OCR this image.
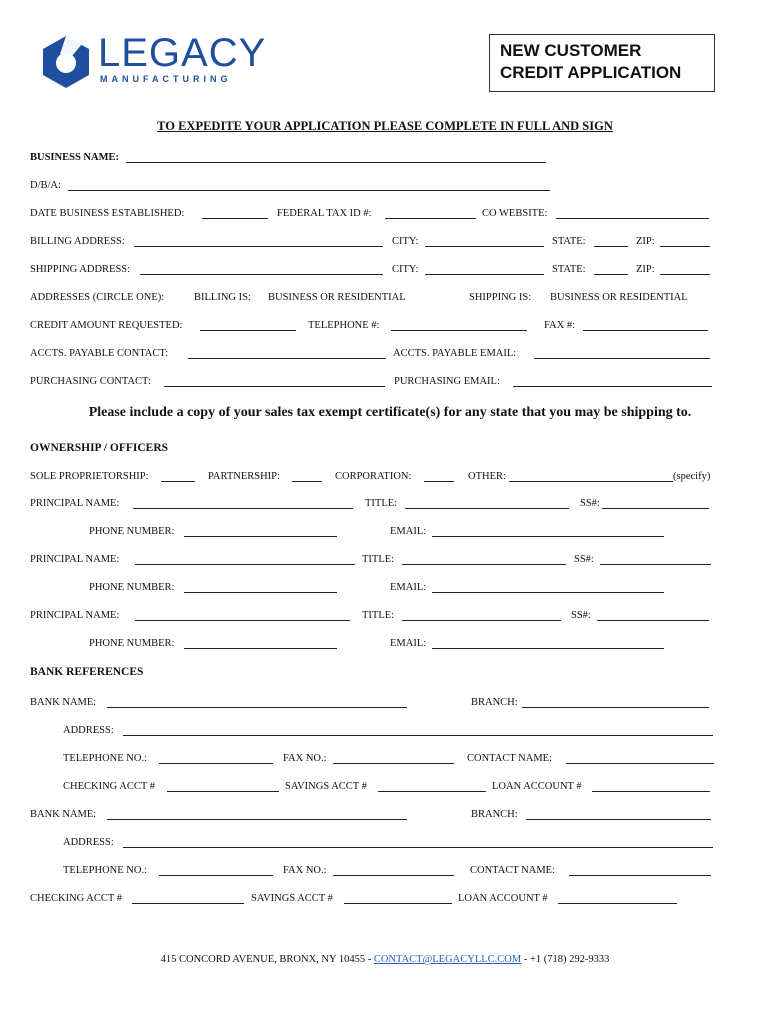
LEGACY
MANUFACTURING
NEW CUSTOMER
CREDIT APPLICATION
TO EXPEDITE YOUR APPLICATION PLEASE COMPLETE IN FULL AND SIGN
BUSINESS NAME:
D/B/A:
DATE BUSINESS ESTABLISHED:	FEDERAL TAX ID #:	CO WEBSITE:
BILLING ADDRESS:	CITY:	STATE:	ZIP:
SHIPPING ADDRESS:	CITY:	STATE:	ZIP:
ADDRESSES (CIRCLE ONE):	BILLING IS: BUSINESS OR RESIDENTIAL	SHIPPING IS: BUSINESS OR RESIDENTIAL
CREDIT AMOUNT REQUESTED:	TELEPHONE #:	FAX #:
ACCTS. PAYABLE CONTACT:	ACCTS. PAYABLE EMAIL:
PURCHASING CONTACT:	PURCHASING EMAIL:
Please include a copy of your sales tax exempt certificate(s) for any state that you may be shipping to.
OWNERSHIP / OFFICERS
SOLE PROPRIETORSHIP:	PARTNERSHIP:	CORPORATION:	OTHER:	(specify)
PRINCIPAL NAME:	TITLE:	SS#:
PHONE NUMBER:	EMAIL:
PRINCIPAL NAME:	TITLE:	SS#:
PHONE NUMBER:	EMAIL:
PRINCIPAL NAME:	TITLE:	SS#:
PHONE NUMBER:	EMAIL:
BANK REFERENCES
BANK NAME:	BRANCH:
ADDRESS:
TELEPHONE NO.:	FAX NO.:	CONTACT NAME:
CHECKING ACCT #	SAVINGS ACCT #	LOAN ACCOUNT #
BANK NAME:	BRANCH:
ADDRESS:
TELEPHONE NO.:	FAX NO.:	CONTACT NAME:
CHECKING ACCT #	SAVINGS ACCT #	LOAN ACCOUNT #
415 CONCORD AVENUE, BRONX, NY 10455 - CONTACT@LEGACYLLC.COM - +1 (718) 292-9333
